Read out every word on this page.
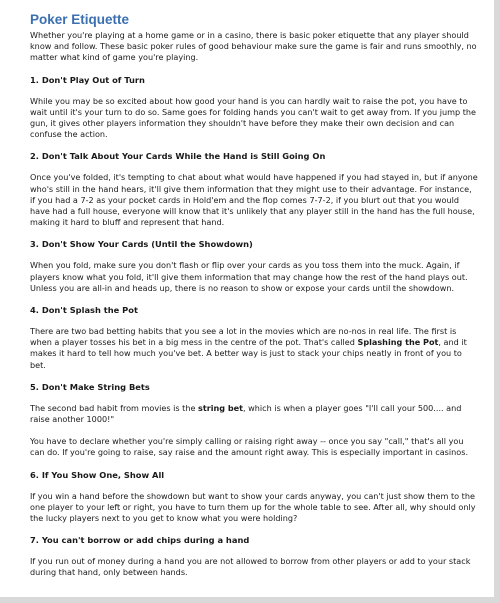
Poker Etiquette

Whether you're playing at a home game or in a casino, there is basic poker etiquette that any player should know and follow. These basic poker rules of good behaviour make sure the game is fair and runs smoothly, no matter what kind of game you're playing.

1. Don't Play Out of Turn

While you may be so excited about how good your hand is you can hardly wait to raise the pot, you have to wait until it's your turn to do so. Same goes for folding hands you can't wait to get away from. If you jump the gun, it gives other players information they shouldn't have before they make their own decision and can confuse the action.

2. Don't Talk About Your Cards While the Hand is Still Going On

Once you've folded, it's tempting to chat about what would have happened if you had stayed in, but if anyone who's still in the hand hears, it'll give them information that they might use to their advantage. For instance, if you had a 7-2 as your pocket cards in Hold'em and the flop comes 7-7-2, if you blurt out that you would have had a full house, everyone will know that it's unlikely that any player still in the hand has the full house, making it hard to bluff and represent that hand.

3. Don't Show Your Cards (Until the Showdown)

When you fold, make sure you don't flash or flip over your cards as you toss them into the muck. Again, if players know what you fold, it'll give them information that may change how the rest of the hand plays out. Unless you are all-in and heads up, there is no reason to show or expose your cards until the showdown.

4. Don't Splash the Pot

There are two bad betting habits that you see a lot in the movies which are no-nos in real life. The first is when a player tosses his bet in a big mess in the centre of the pot. That's called Splashing the Pot, and it makes it hard to tell how much you've bet. A better way is just to stack your chips neatly in front of you to bet.

5. Don't Make String Bets

The second bad habit from movies is the string bet, which is when a player goes "I'll call your 500.... and raise another 1000!"

You have to declare whether you're simply calling or raising right away -- once you say "call," that's all you can do. If you're going to raise, say raise and the amount right away. This is especially important in casinos.

6. If You Show One, Show All

If you win a hand before the showdown but want to show your cards anyway, you can't just show them to the one player to your left or right, you have to turn them up for the whole table to see. After all, why should only the lucky players next to you get to know what you were holding?

7. You can't borrow or add chips during a hand

If you run out of money during a hand you are not allowed to borrow from other players or add to your stack during that hand, only between hands.
